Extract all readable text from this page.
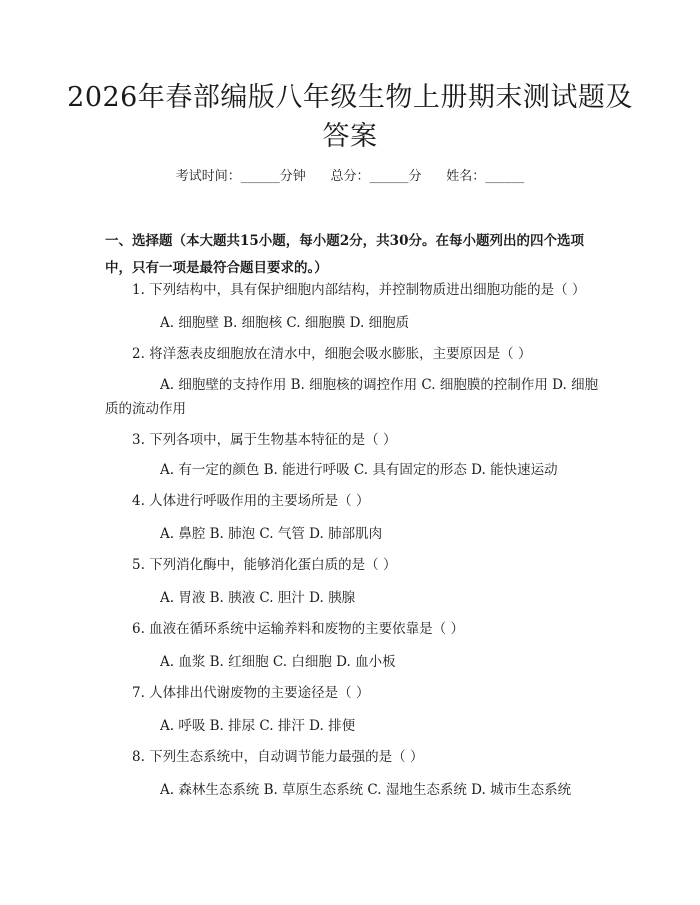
2026年春部编版八年级生物上册期末测试题及答案
考试时间：______分钟      总分：______分      姓名：______
一、选择题（本大题共15小题，每小题2分，共30分。在每小题列出的四个选项中，只有一项是最符合题目要求的。）
1. 下列结构中，具有保护细胞内部结构，并控制物质进出细胞功能的是（ ）
A. 细胞壁 B. 细胞核 C. 细胞膜 D. 细胞质
2. 将洋葱表皮细胞放在清水中，细胞会吸水膨胀，主要原因是（ ）
A. 细胞壁的支持作用 B. 细胞核的调控作用 C. 细胞膜的控制作用 D. 细胞质的流动作用
3. 下列各项中，属于生物基本特征的是（ ）
A. 有一定的颜色 B. 能进行呼吸 C. 具有固定的形态 D. 能快速运动
4. 人体进行呼吸作用的主要场所是（ ）
A. 鼻腔 B. 肺泡 C. 气管 D. 肺部肌肉
5. 下列消化酶中，能够消化蛋白质的是（ ）
A. 胃液 B. 胰液 C. 胆汁 D. 胰腺
6. 血液在循环系统中运输养料和废物的主要依靠是（ ）
A. 血浆 B. 红细胞 C. 白细胞 D. 血小板
7. 人体排出代谢废物的主要途径是（ ）
A. 呼吸 B. 排尿 C. 排汗 D. 排便
8. 下列生态系统中，自动调节能力最强的是（ ）
A. 森林生态系统 B. 草原生态系统 C. 湿地生态系统 D. 城市生态系统
